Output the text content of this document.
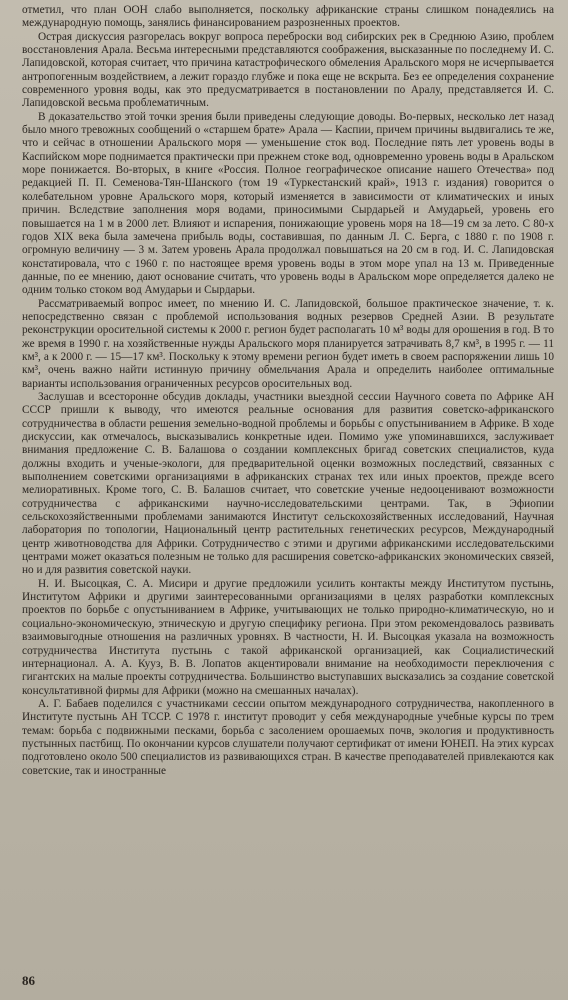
отметил, что план ООН слабо выполняется, поскольку африканские страны слишком понадеялись на международную помощь, занялись финансированием разрозненных проектов.

Острая дискуссия разгорелась вокруг вопроса переброски вод сибирских рек в Среднюю Азию, проблем восстановления Арала. Весьма интересными представляются соображения, высказанные по последнему И. С. Лапидовской, которая считает, что причина катастрофического обмеления Аральского моря не исчерпывается антропогенным воздействием, а лежит гораздо глубже и пока еще не вскрыта. Без ее определения сохранение современного уровня воды, как это предусматривается в постановлении по Аралу, представляется И. С. Лапидовской весьма проблематичным.

В доказательство этой точки зрения были приведены следующие доводы. Во-первых, несколько лет назад было много тревожных сообщений о «старшем брате» Арала — Каспии, причем причины выдвигались те же, что и сейчас в отношении Аральского моря — уменьшение сток вод. Последние пять лет уровень воды в Каспийском море поднимается практически при прежнем стоке вод, одновременно уровень воды в Аральском море понижается. Во-вторых, в книге «Россия. Полное географическое описание нашего Отечества» под редакцией П. П. Семенова-Тян-Шанского (том 19 «Туркестанский край», 1913 г. издания) говорится о колебательном уровне Аральского моря, который изменяется в зависимости от климатических и иных причин. Вследствие заполнения моря водами, приносимыми Сырдарьей и Амударьей, уровень его повышается на 1 м в 2000 лет. Влияют и испарения, понижающие уровень моря на 18—19 см за лето. С 80-х годов XIX века была замечена прибыль воды, составившая, по данным Л. С. Берга, с 1880 г. по 1908 г. огромную величину — 3 м. Затем уровень Арала продолжал повышаться на 20 см в год. И. С. Лапидовская констатировала, что с 1960 г. по настоящее время уровень воды в этом море упал на 13 м. Приведенные данные, по ее мнению, дают основание считать, что уровень воды в Аральском море определяется далеко не одним только стоком вод Амударьи и Сырдарьи.

Рассматриваемый вопрос имеет, по мнению И. С. Лапидовской, большое практическое значение, т. к. непосредственно связан с проблемой использования водных резервов Средней Азии. В результате реконструкции оросительной системы к 2000 г. регион будет располагать 10 м³ воды для орошения в год. В то же время в 1990 г. на хозяйственные нужды Аральского моря планируется затрачивать 8,7 км³, в 1995 г. — 11 км³, а к 2000 г. — 15—17 км³. Поскольку к этому времени регион будет иметь в своем распоряжении лишь 10 км³, очень важно найти истинную причину обмельчания Арала и определить наиболее оптимальные варианты использования ограниченных ресурсов оросительных вод.

Заслушав и всесторонне обсудив доклады, участники выездной сессии Научного совета по Африке АН СССР пришли к выводу, что имеются реальные основания для развития советско-африканского сотрудничества в области решения земельно-водной проблемы и борьбы с опустыниванием в Африке. В ходе дискуссии, как отмечалось, высказывались конкретные идеи. Помимо уже упоминавшихся, заслуживает внимания предложение С. В. Балашова о создании комплексных бригад советских специалистов, куда должны входить и ученые-экологи, для предварительной оценки возможных последствий, связанных с выполнением советскими организациями в африканских странах тех или иных проектов, прежде всего мелиоративных. Кроме того, С. В. Балашов считает, что советские ученые недооценивают возможности сотрудничества с африканскими научно-исследовательскими центрами. Так, в Эфиопии сельскохозяйственными проблемами занимаются Институт сельскохозяйственных исследований, Научная лаборатория по топологии, Национальный центр растительных генетических ресурсов, Международный центр животноводства для Африки. Сотрудничество с этими и другими африканскими исследовательскими центрами может оказаться полезным не только для расширения советско-африканских экономических связей, но и для развития советской науки.

Н. И. Высоцкая, С. А. Мисири и другие предложили усилить контакты между Институтом пустынь, Институтом Африки и другими заинтересованными организациями в целях разработки комплексных проектов по борьбе с опустыниванием в Африке, учитывающих не только природно-климатическую, но и социально-экономическую, этническую и другую специфику региона. При этом рекомендовалось развивать взаимовыгодные отношения на различных уровнях. В частности, Н. И. Высоцкая указала на возможность сотрудничества Института пустынь с такой африканской организацией, как Социалистический интернационал. А. А. Кууз, В. В. Лопатов акцентировали внимание на необходимости переключения с гигантских на малые проекты сотрудничества. Большинство выступавших высказались за создание советской консультативной фирмы для Африки (можно на смешанных началах).

А. Г. Бабаев поделился с участниками сессии опытом международного сотрудничества, накопленного в Институте пустынь АН ТССР. С 1978 г. институт проводит у себя международные учебные курсы по трем темам: борьба с подвижными песками, борьба с засолением орошаемых почв, экология и продуктивность пустынных пастбищ. По окончании курсов слушатели получают сертификат от имени ЮНЕП. На этих курсах подготовлено около 500 специалистов из развивающихся стран. В качестве преподавателей привлекаются как советские, так и иностранные

86
